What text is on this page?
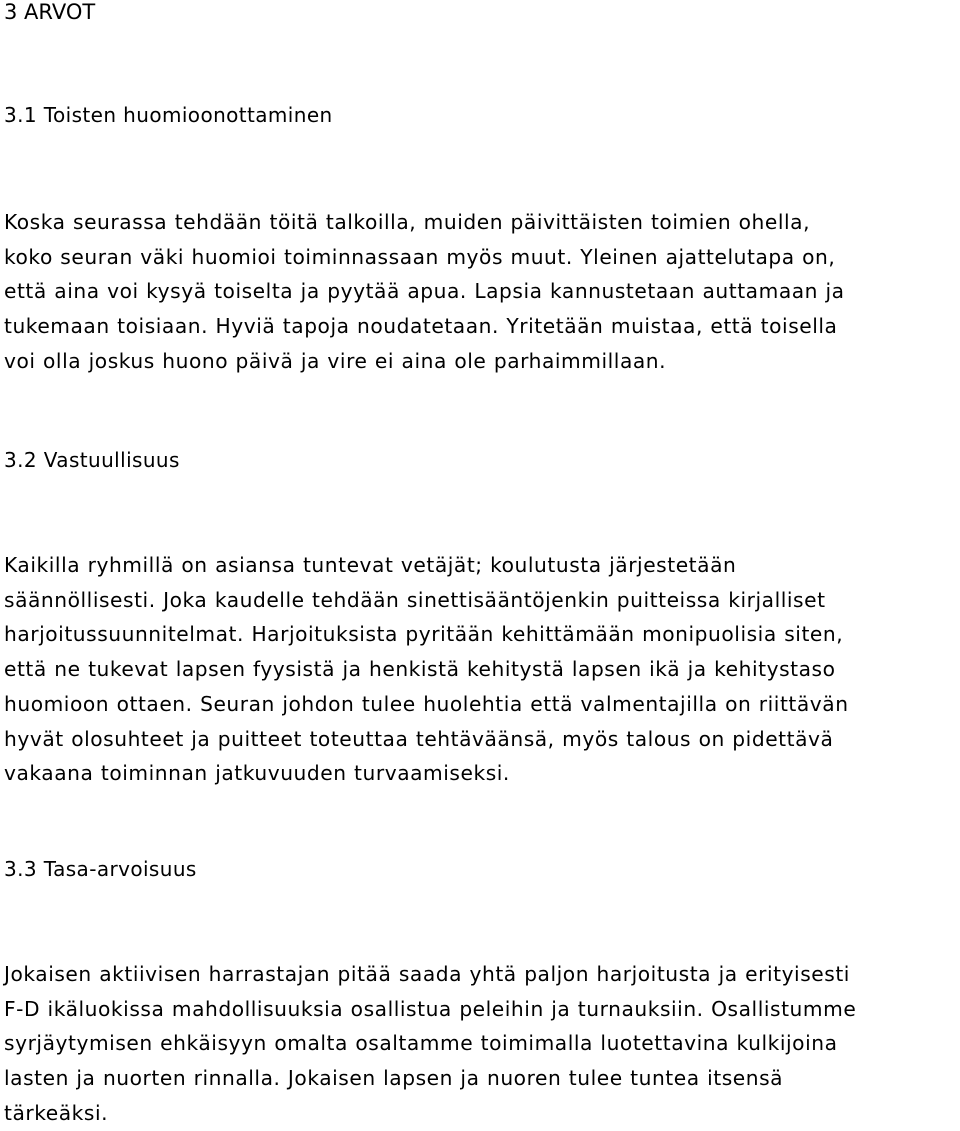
3 ARVOT
3.1 Toisten huomioonottaminen

Koska seurassa tehdään töitä talkoilla, muiden päivittäisten toimien ohella,
koko seuran väki huomioi toiminnassaan myös muut. Yleinen ajattelutapa on,
että aina voi kysyä toiselta ja pyytää apua. Lapsia kannustetaan auttamaan ja
tukemaan toisiaan. Hyviä tapoja noudatetaan. Yritetään muistaa, että toisella
voi olla joskus huono päivä ja vire ei aina ole parhaimmillaan.

3.2 Vastuullisuus

Kaikilla ryhmillä on asiansa tuntevat vetäjät; koulutusta järjestetään
säännöllisesti. Joka kaudelle tehdään sinettisääntöjenkin puitteissa kirjalliset
harjoitussuunnitelmat. Harjoituksista pyritään kehittämään monipuolisia siten,
että ne tukevat lapsen fyysistä ja henkistä kehitystä lapsen ikä ja kehitystaso
huomioon ottaen. Seuran johdon tulee huolehtia että valmentajilla on riittävän
hyvät olosuhteet ja puitteet toteuttaa tehtäväänsä, myös talous on pidettävä
vakaana toiminnan jatkuvuuden turvaamiseksi.

3.3 Tasa-arvoisuus

Jokaisen aktiivisen harrastajan pitää saada yhtä paljon harjoitusta ja erityisesti
F-D ikäluokissa mahdollisuuksia osallistua peleihin ja turnauksiin. Osallistumme
syrjäytymisen ehkäisyyn omalta osaltamme toimimalla luotettavina kulkijoina
lasten ja nuorten rinnalla. Jokaisen lapsen ja nuoren tulee tuntea itsensä
tärkeäksi.
